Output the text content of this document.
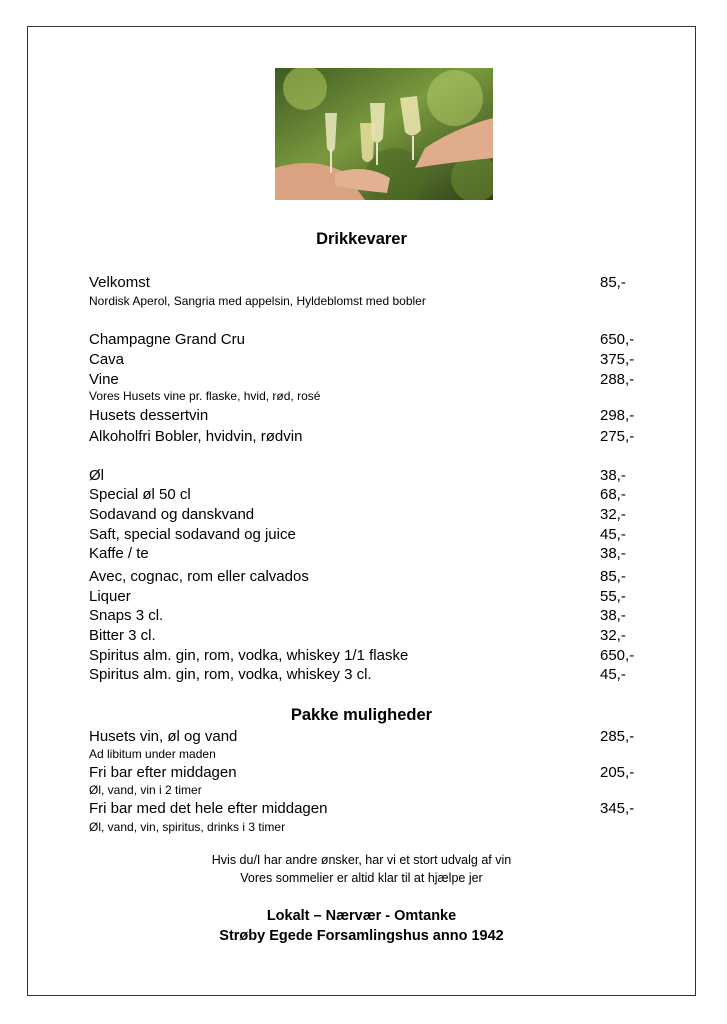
Drikkevarer
Velkomst	85,-
Nordisk Aperol, Sangria med appelsin, Hyldeblomst med bobler
Champagne Grand Cru	650,-
Cava	375,-
Vine	288,-
Vores Husets vine pr. flaske, hvid, rød, rosé
Husets dessertvin	298,-
Alkoholfri Bobler, hvidvin, rødvin	275,-
Øl	38,-
Special øl 50 cl	68,-
Sodavand og danskvand	32,-
Saft, special sodavand og juice	45,-
Kaffe / te	38,-
Avec, cognac, rom eller calvados	85,-
Liquer	55,-
Snaps 3 cl.	38,-
Bitter 3 cl.	32,-
Spiritus alm. gin, rom, vodka, whiskey 1/1 flaske	650,-
Spiritus alm. gin, rom, vodka, whiskey 3 cl.	45,-
Pakke muligheder
Husets vin, øl og vand	285,-
Ad libitum under maden
Fri bar efter middagen	205,-
Øl, vand, vin i 2 timer
Fri bar med det hele efter middagen	345,-
Øl, vand, vin, spiritus, drinks i 3 timer
Hvis du/I har andre ønsker, har vi et stort udvalg af vin
Vores sommelier er altid klar til at hjælpe jer
Lokalt – Nærvær - Omtanke
Strøby Egede Forsamlingshus anno 1942
